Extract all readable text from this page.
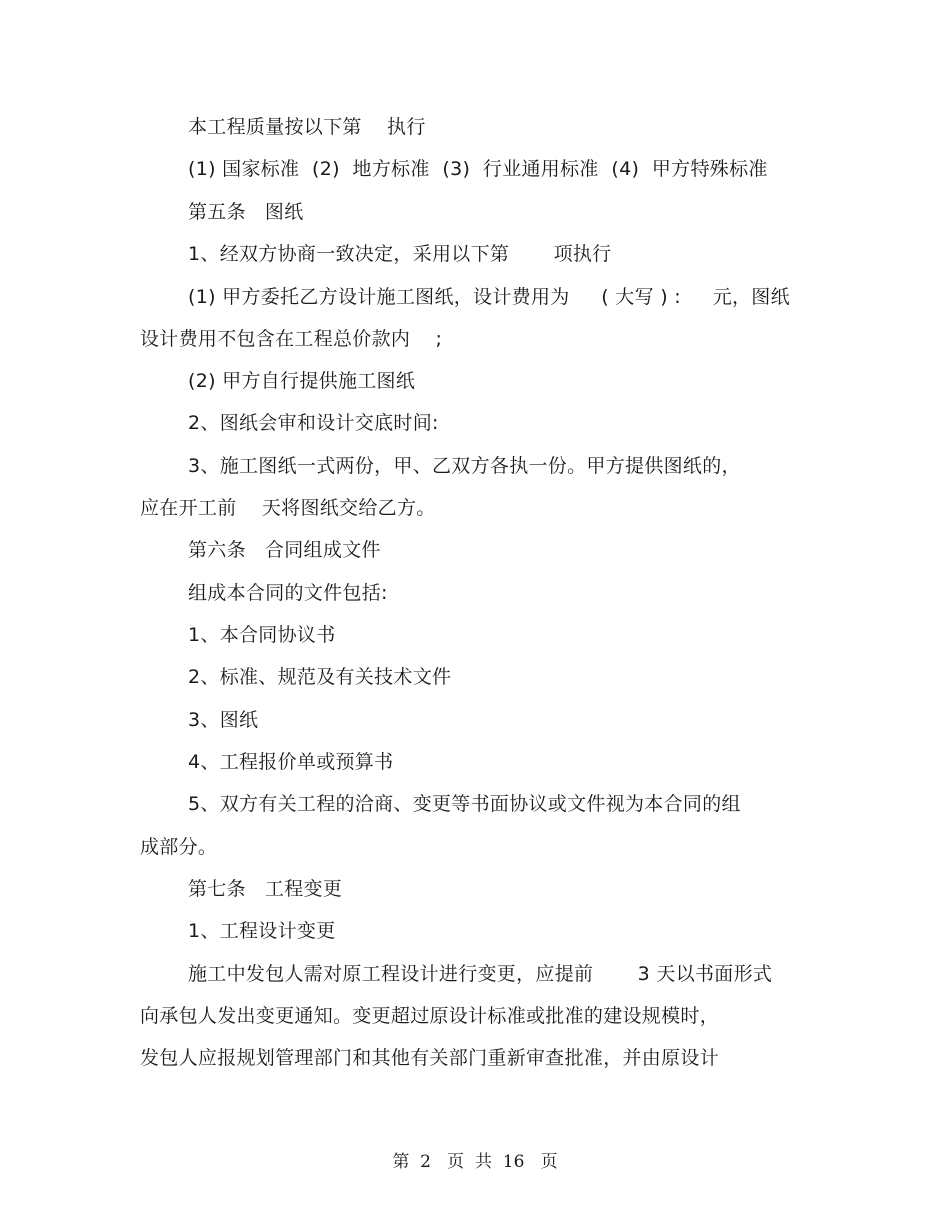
本工程质量按以下第    执行
(1) 国家标准  (2)  地方标准  (3)  行业通用标准  (4)  甲方特殊标准
第五条   图纸
1、经双方协商一致决定，采用以下第       项执行
(1) 甲方委托乙方设计施工图纸，设计费用为     ( 大写 ) :     元，图纸
设计费用不包含在工程总价款内    ;
(2) 甲方自行提供施工图纸
2、图纸会审和设计交底时间:
3、施工图纸一式两份，甲、乙双方各执一份。甲方提供图纸的，
应在开工前    天将图纸交给乙方。
第六条   合同组成文件
组成本合同的文件包括:
1、本合同协议书
2、标准、规范及有关技术文件
3、图纸
4、工程报价单或预算书
5、双方有关工程的洽商、变更等书面协议或文件视为本合同的组
成部分。
第七条   工程变更
1、工程设计变更
施工中发包人需对原工程设计进行变更，应提前       3 天以书面形式
向承包人发出变更通知。变更超过原设计标准或批准的建设规模时，
发包人应报规划管理部门和其他有关部门重新审查批准，并由原设计
第  2   页  共  16   页
